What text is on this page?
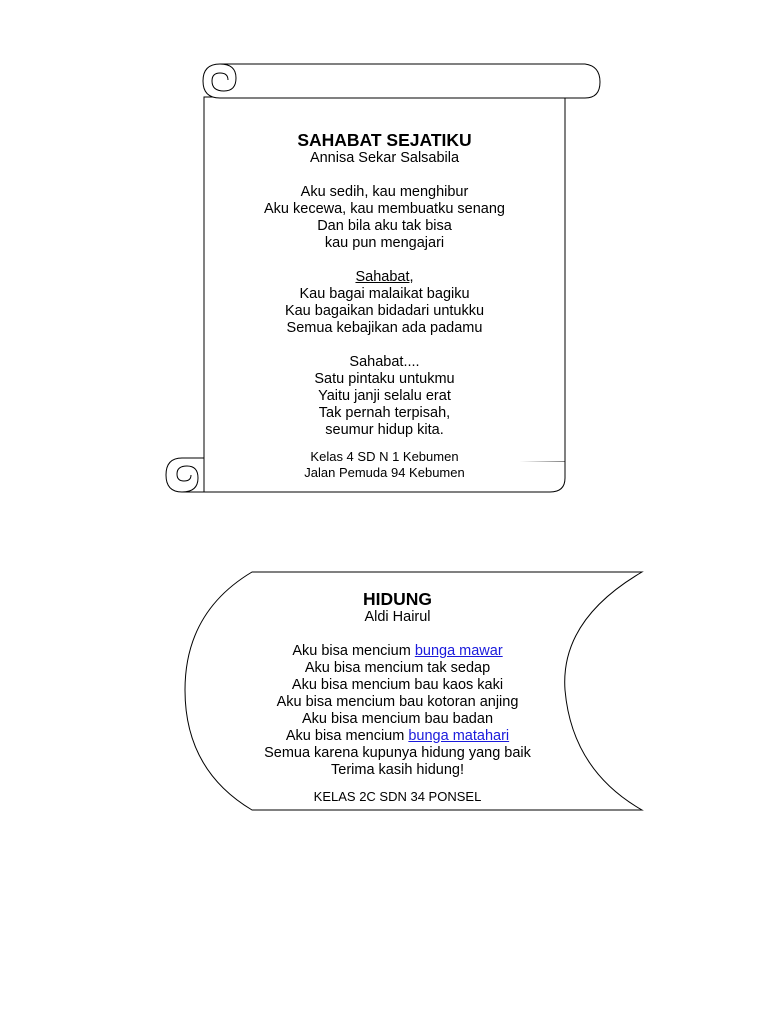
SAHABAT SEJATIKU
Annisa Sekar Salsabila
Aku sedih, kau menghibur
Aku kecewa, kau membuatku senang
Dan bila aku tak bisa
kau pun mengajari
Sahabat,
Kau bagai malaikat bagiku
Kau bagaikan bidadari untukku
Semua kebajikan ada padamu
Sahabat....
Satu pintaku untukmu
Yaitu janji selalu erat
Tak pernah terpisah,
seumur hidup kita.
Kelas 4 SD N 1 Kebumen
Jalan Pemuda 94 Kebumen
HIDUNG
Aldi Hairul
Aku bisa mencium bunga mawar
Aku bisa mencium tak sedap
Aku bisa mencium bau kaos kaki
Aku bisa mencium bau kotoran anjing
Aku bisa mencium bau badan
Aku bisa mencium bunga matahari
Semua karena kupunya hidung yang baik
Terima kasih hidung!
KELAS 2C SDN 34 PONSEL
